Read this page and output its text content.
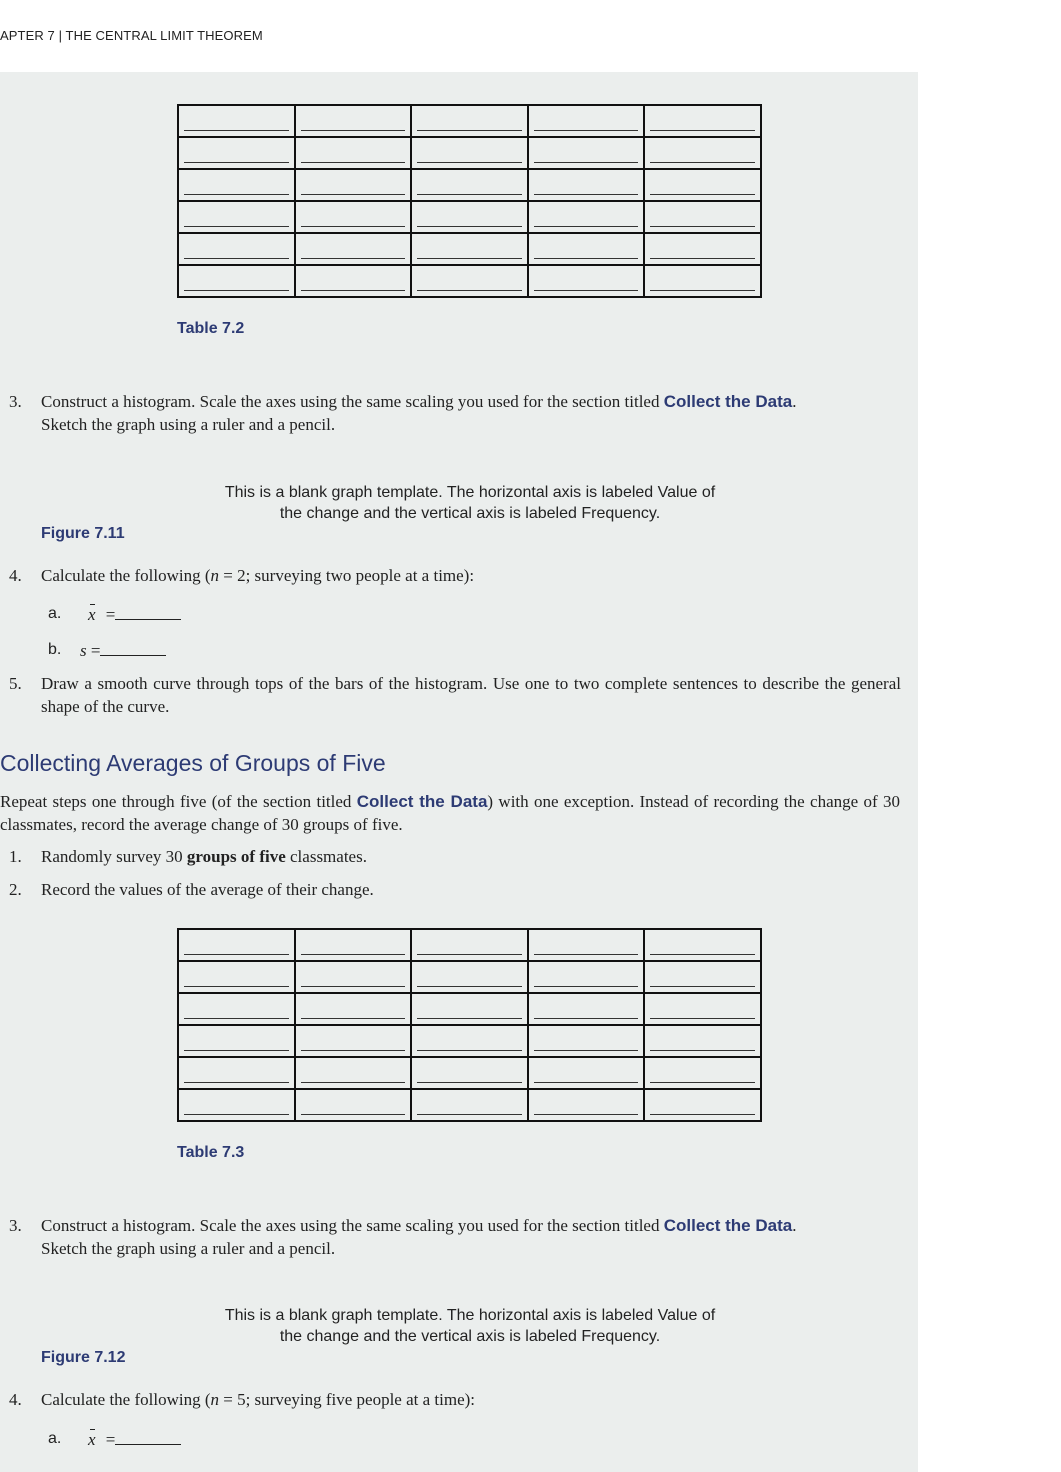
APTER 7 | THE CENTRAL LIMIT THEOREM

Table 7.2
3. Construct a histogram. Scale the axes using the same scaling you used for the section titled Collect the Data.
Sketch the graph using a ruler and a pencil.
This is a blank graph template. The horizontal axis is labeled Value of
the change and the vertical axis is labeled Frequency.
Figure 7.11
4. Calculate the following (n = 2; surveying two people at a time):
a. x =
b. s =
5. Draw a smooth curve through tops of the bars of the histogram. Use one to two complete sentences to describe the general shape of the curve.
Collecting Averages of Groups of Five
Repeat steps one through five (of the section titled Collect the Data) with one exception. Instead of recording the change of 30 classmates, record the average change of 30 groups of five.
1. Randomly survey 30 groups of five classmates.
2. Record the values of the average of their change.

Table 7.3
3. Construct a histogram. Scale the axes using the same scaling you used for the section titled Collect the Data.
Sketch the graph using a ruler and a pencil.
This is a blank graph template. The horizontal axis is labeled Value of
the change and the vertical axis is labeled Frequency.
Figure 7.12
4. Calculate the following (n = 5; surveying five people at a time):
a. x =
